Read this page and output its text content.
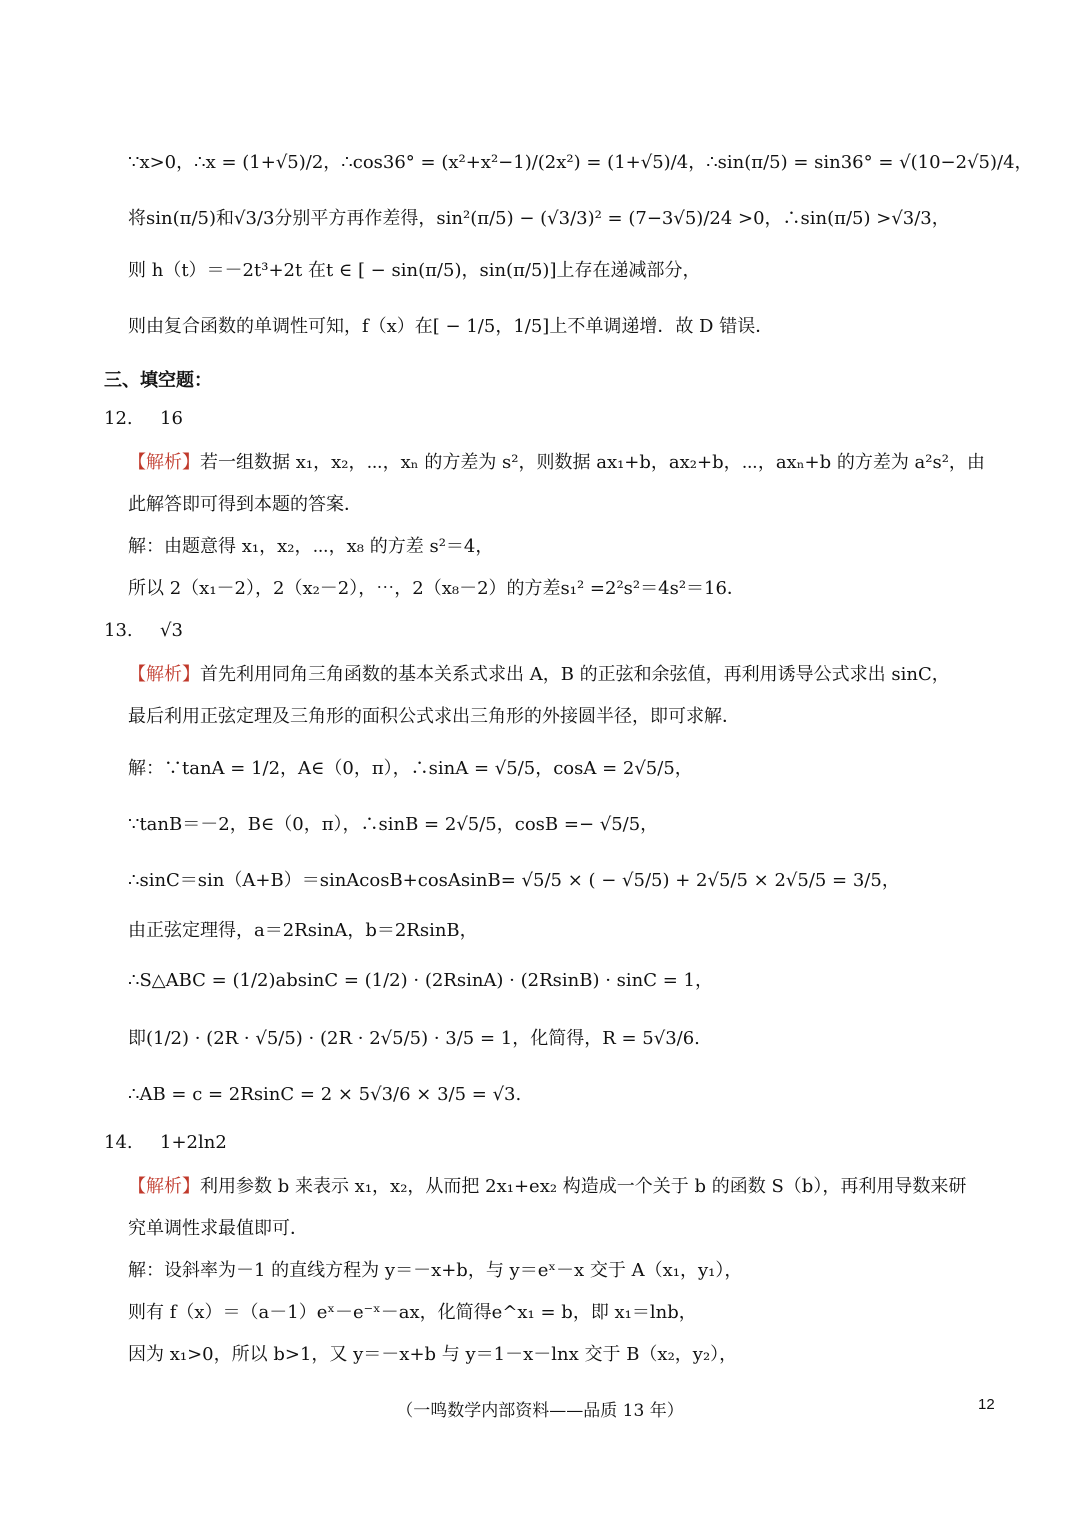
∵x>0，∴x = (1+√5)/2，∴cos36° = (x²+x²−1)/(2x²) = (1+√5)/4，∴sin(π/5) = sin36° = √(10−2√5)/4，
将sin(π/5)和√3/3分别平方再作差得，sin²(π/5) − (√3/3)² = (7−3√5)/24 >0，∴sin(π/5) >√3/3，
则 h（t）＝－2t³+2t 在t ∈ [ − sin(π/5)，sin(π/5)]上存在递减部分，
则由复合函数的单调性可知，f（x）在[ − 1/5，1/5]上不单调递增．故 D 错误．
三、填空题：
12. 16
【解析】若一组数据 x₁，x₂，⋯，xₙ 的方差为 s²，则数据 ax₁+b，ax₂+b，⋯，axₙ+b 的方差为 a²s²，由
此解答即可得到本题的答案．
解：由题意得 x₁，x₂，⋯，x₈ 的方差 s²＝4，
所以 2（x₁－2），2（x₂－2），⋯，2（x₈－2）的方差s₁² =2²s²＝4s²＝16．
13. √3
【解析】首先利用同角三角函数的基本关系式求出 A，B 的正弦和余弦值，再利用诱导公式求出 sinC，
最后利用正弦定理及三角形的面积公式求出三角形的外接圆半径，即可求解．
解：∵tanA = 1/2，A∈（0，π），∴sinA = √5/5，cosA = 2√5/5，
∵tanB＝－2，B∈（0，π），∴sinB = 2√5/5，cosB =− √5/5，
∴sinC＝sin（A+B）＝sinAcosB+cosAsinB= √5/5 × ( − √5/5) + 2√5/5 × 2√5/5 = 3/5，
由正弦定理得，a＝2RsinA，b＝2RsinB，
∴S△ABC = (1/2)absinC = (1/2) · (2RsinA) · (2RsinB) · sinC = 1，
即(1/2) · (2R · √5/5) · (2R · 2√5/5) · 3/5 = 1，化简得，R = 5√3/6.
∴AB = c = 2RsinC = 2 × 5√3/6 × 3/5 = √3.
14. 1+2ln2
【解析】利用参数 b 来表示 x₁，x₂，从而把 2x₁+ex₂ 构造成一个关于 b 的函数 S（b），再利用导数来研
究单调性求最值即可．
解：设斜率为－1 的直线方程为 y＝－x+b，与 y＝eˣ－x 交于 A（x₁，y₁），
则有 f（x）＝（a－1）eˣ－e⁻ˣ－ax，化简得e^x₁ = b，即 x₁＝lnb，
因为 x₁>0，所以 b>1，又 y＝－x+b 与 y＝1－x－lnx 交于 B（x₂，y₂），
（一鸣数学内部资料——品质 13 年）	12
